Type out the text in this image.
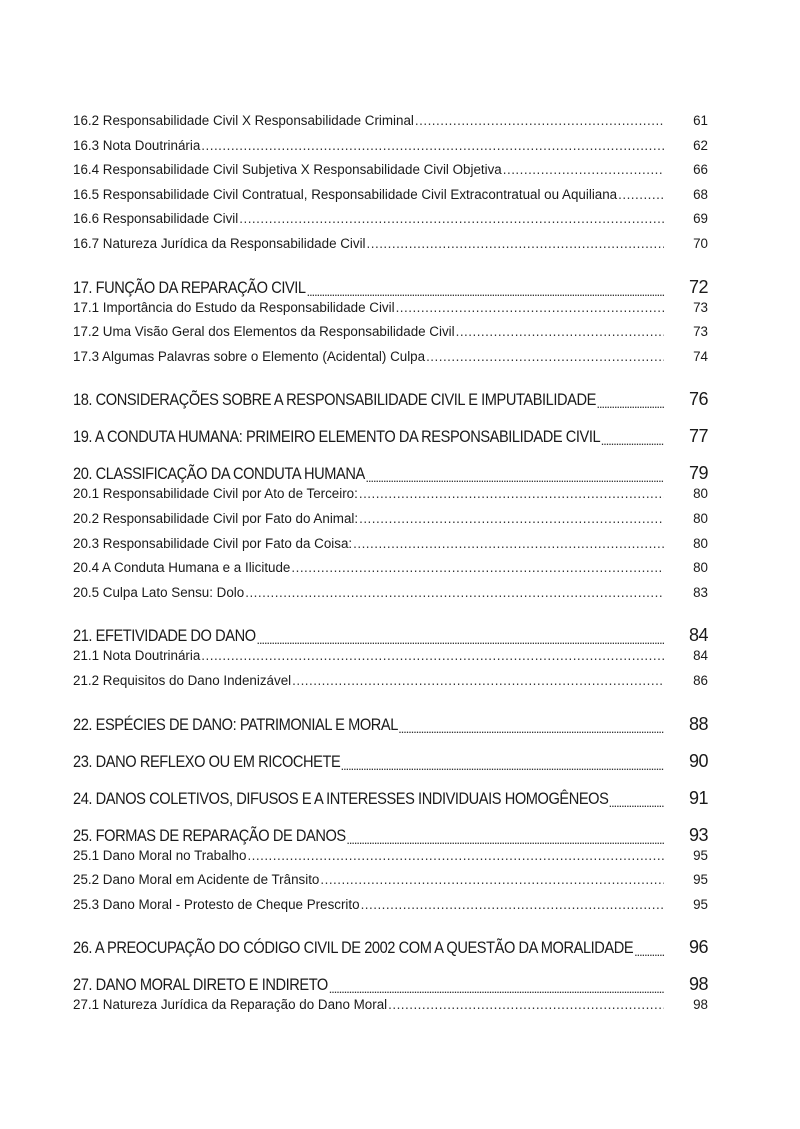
16.2 Responsabilidade Civil X Responsabilidade Criminal .....	61
16.3 Nota Doutrinária .....	62
16.4 Responsabilidade Civil Subjetiva X Responsabilidade Civil Objetiva .....	66
16.5 Responsabilidade Civil Contratual, Responsabilidade Civil Extracontratual ou Aquiliana .....	68
16.6 Responsabilidade Civil .....	69
16.7 Natureza Jurídica da Responsabilidade Civil .....	70
17. FUNÇÃO DA REPARAÇÃO CIVIL .....	72
17.1 Importância do Estudo da Responsabilidade Civil .....	73
17.2 Uma Visão Geral dos Elementos da Responsabilidade Civil .....	73
17.3 Algumas Palavras sobre o Elemento (Acidental) Culpa .....	74
18. CONSIDERAÇÕES SOBRE A RESPONSABILIDADE CIVIL E IMPUTABILIDADE .....	76
19. A CONDUTA HUMANA: PRIMEIRO ELEMENTO DA RESPONSABILIDADE CIVIL .....	77
20. CLASSIFICAÇÃO DA CONDUTA HUMANA .....	79
20.1 Responsabilidade Civil por Ato de Terceiro: .....	80
20.2 Responsabilidade Civil por Fato do Animal: .....	80
20.3 Responsabilidade Civil por Fato da Coisa: .....	80
20.4 A Conduta Humana e a Ilicitude .....	80
20.5 Culpa Lato Sensu: Dolo .....	83
21. EFETIVIDADE DO DANO .....	84
21.1 Nota Doutrinária .....	84
21.2 Requisitos do Dano Indenizável .....	86
22. ESPÉCIES DE DANO: PATRIMONIAL E MORAL .....	88
23. DANO REFLEXO OU EM RICOCHETE .....	90
24. DANOS COLETIVOS, DIFUSOS E A INTERESSES INDIVIDUAIS HOMOGÊNEOS .....	91
25. FORMAS DE REPARAÇÃO DE DANOS .....	93
25.1 Dano Moral no Trabalho .....	95
25.2 Dano Moral em Acidente de Trânsito .....	95
25.3 Dano Moral - Protesto de Cheque Prescrito .....	95
26. A PREOCUPAÇÃO DO CÓDIGO CIVIL DE 2002 COM A QUESTÃO DA MORALIDADE .....	96
27. DANO MORAL DIRETO E INDIRETO .....	98
27.1 Natureza Jurídica da Reparação do Dano Moral .....	98
